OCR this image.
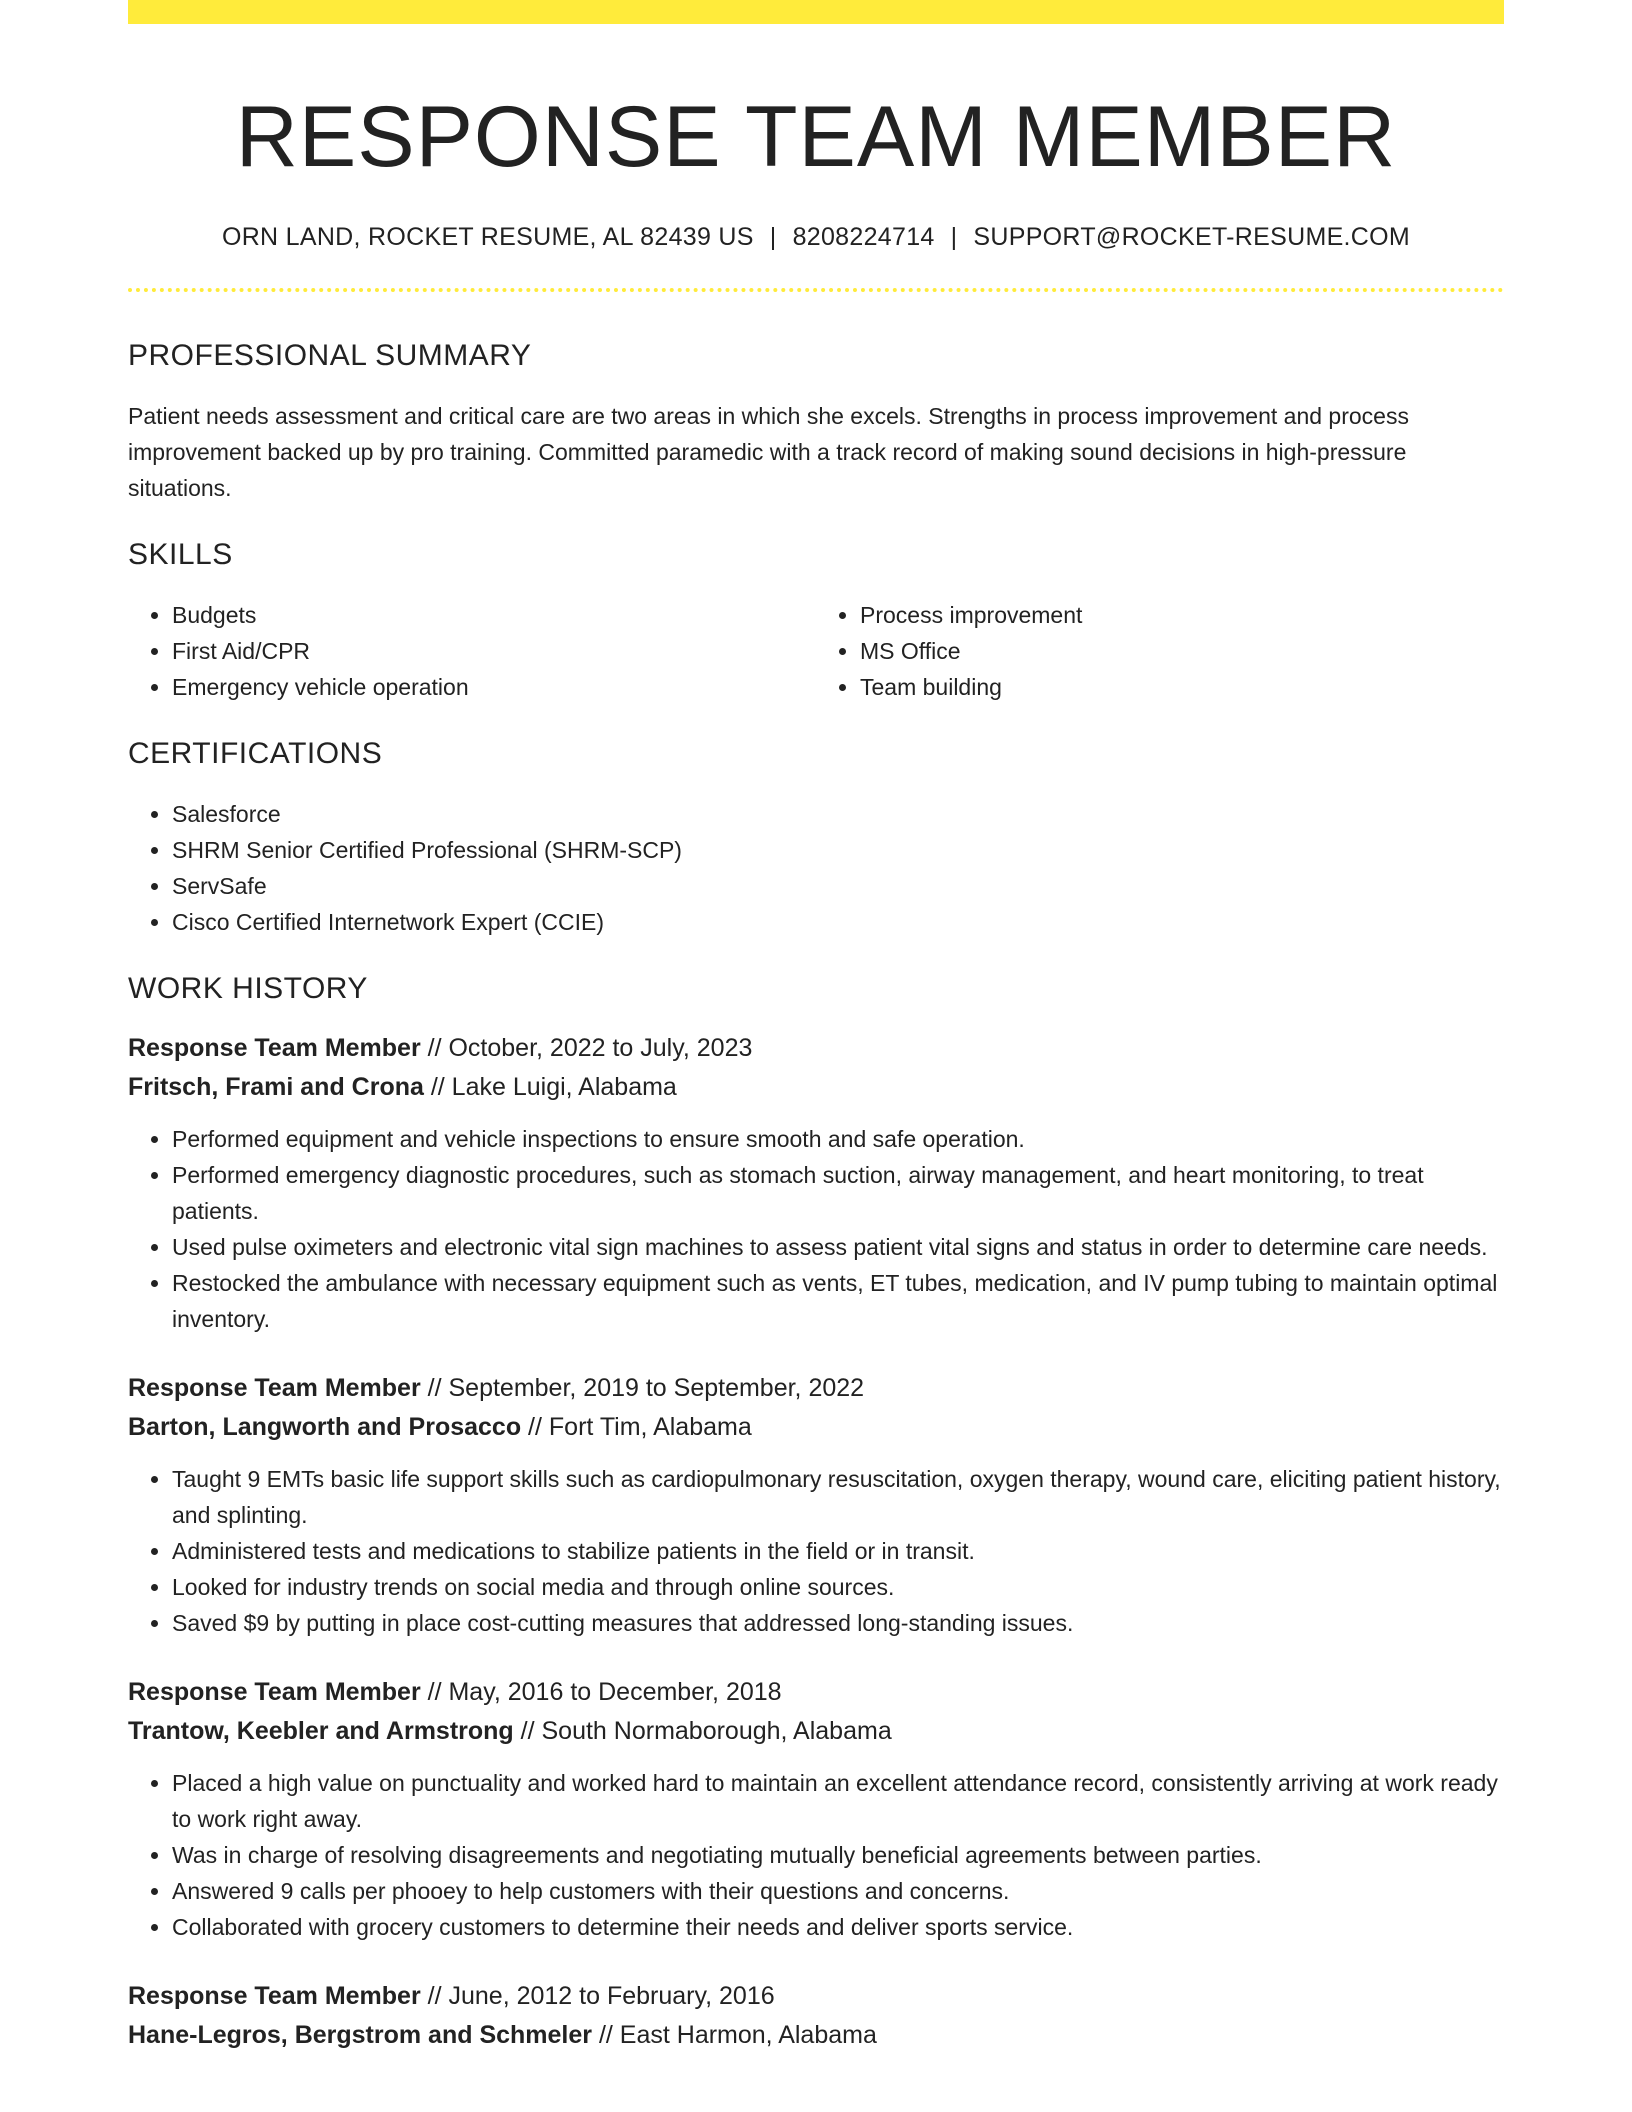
RESPONSE TEAM MEMBER
ORN LAND, ROCKET RESUME, AL 82439 US | 8208224714 | SUPPORT@ROCKET-RESUME.COM
PROFESSIONAL SUMMARY
Patient needs assessment and critical care are two areas in which she excels. Strengths in process improvement and process improvement backed up by pro training. Committed paramedic with a track record of making sound decisions in high-pressure situations.
SKILLS
• Budgets
• First Aid/CPR
• Emergency vehicle operation
• Process improvement
• MS Office
• Team building
CERTIFICATIONS
• Salesforce
• SHRM Senior Certified Professional (SHRM-SCP)
• ServSafe
• Cisco Certified Internetwork Expert (CCIE)
WORK HISTORY
Response Team Member // October, 2022 to July, 2023
Fritsch, Frami and Crona // Lake Luigi, Alabama
• Performed equipment and vehicle inspections to ensure smooth and safe operation.
• Performed emergency diagnostic procedures, such as stomach suction, airway management, and heart monitoring, to treat patients.
• Used pulse oximeters and electronic vital sign machines to assess patient vital signs and status in order to determine care needs.
• Restocked the ambulance with necessary equipment such as vents, ET tubes, medication, and IV pump tubing to maintain optimal inventory.
Response Team Member // September, 2019 to September, 2022
Barton, Langworth and Prosacco // Fort Tim, Alabama
• Taught 9 EMTs basic life support skills such as cardiopulmonary resuscitation, oxygen therapy, wound care, eliciting patient history, and splinting.
• Administered tests and medications to stabilize patients in the field or in transit.
• Looked for industry trends on social media and through online sources.
• Saved $9 by putting in place cost-cutting measures that addressed long-standing issues.
Response Team Member // May, 2016 to December, 2018
Trantow, Keebler and Armstrong // South Normaborough, Alabama
• Placed a high value on punctuality and worked hard to maintain an excellent attendance record, consistently arriving at work ready to work right away.
• Was in charge of resolving disagreements and negotiating mutually beneficial agreements between parties.
• Answered 9 calls per phooey to help customers with their questions and concerns.
• Collaborated with grocery customers to determine their needs and deliver sports service.
Response Team Member // June, 2012 to February, 2016
Hane-Legros, Bergstrom and Schmeler // East Harmon, Alabama
